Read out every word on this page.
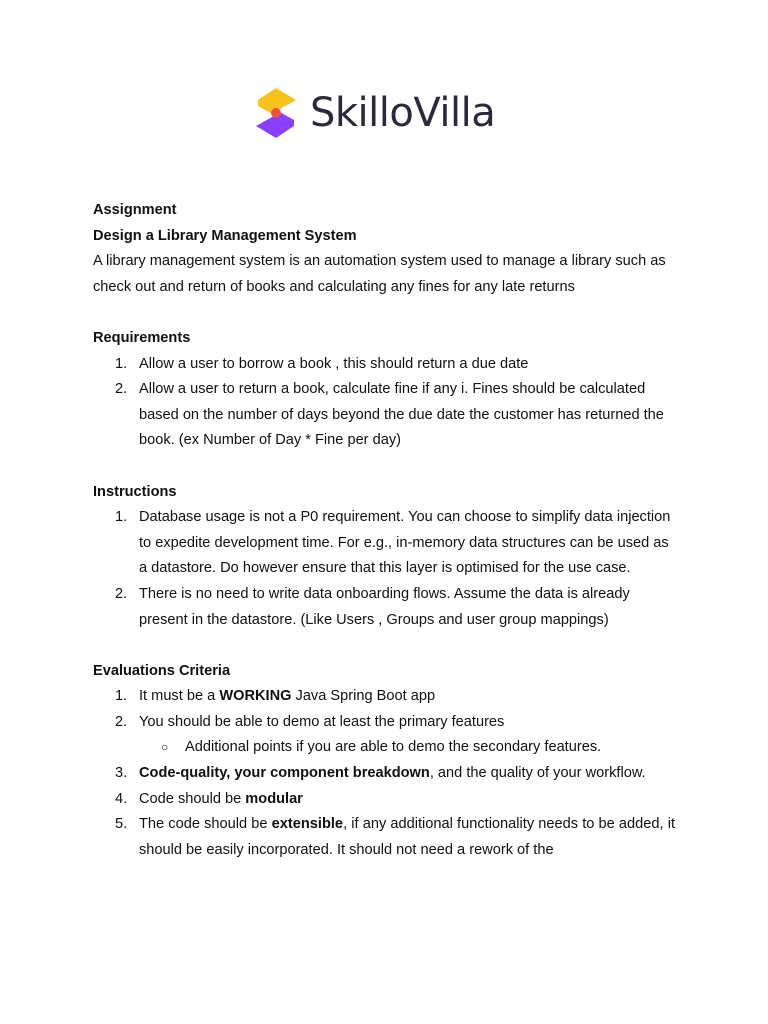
SkilloVilla
Assignment
Design a Library Management System
A library management system is an automation system used to manage a library such as check out and return of books and calculating any fines for any late returns
Requirements
1. Allow a user to borrow a book , this should return a due date
2. Allow a user to return a book, calculate fine if any i. Fines should be calculated based on the number of days beyond the due date the customer has returned the book. (ex Number of Day * Fine per day)
Instructions
1. Database usage is not a P0 requirement. You can choose to simplify data injection to expedite development time. For e.g., in-memory data structures can be used as a datastore. Do however ensure that this layer is optimised for the use case.
2. There is no need to write data onboarding flows. Assume the data is already present in the datastore. (Like Users , Groups and user group mappings)
Evaluations Criteria
1. It must be a WORKING Java Spring Boot app
2. You should be able to demo at least the primary features
○ Additional points if you are able to demo the secondary features.
3. Code-quality, your component breakdown, and the quality of your workflow.
4. Code should be modular
5. The code should be extensible, if any additional functionality needs to be added, it should be easily incorporated. It should not need a rework of the
